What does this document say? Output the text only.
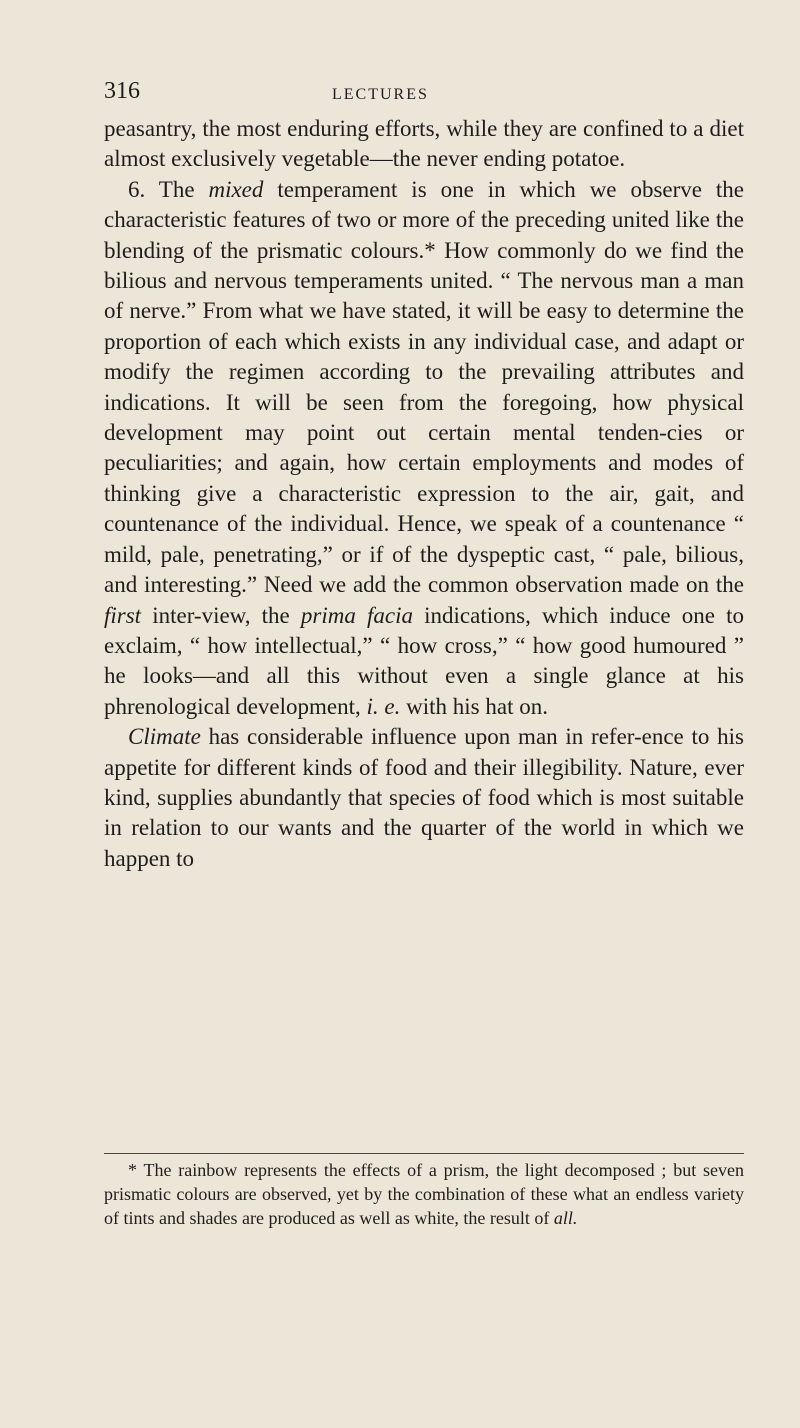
316	LECTURES

peasantry, the most enduring efforts, while they are confined to a diet almost exclusively vegetable—the never ending potatoe.

6. The mixed temperament is one in which we observe the characteristic features of two or more of the preceding united like the blending of the prismatic colours.* How commonly do we find the bilious and nervous temperaments united. “ The nervous man a man of nerve.” From what we have stated, it will be easy to determine the proportion of each which exists in any individual case, and adapt or modify the regimen according to the prevailing attributes and indications. It will be seen from the foregoing, how physical development may point out certain mental tenden-cies or peculiarities; and again, how certain employments and modes of thinking give a characteristic expression to the air, gait, and countenance of the individual. Hence, we speak of a countenance “ mild, pale, penetrating,” or if of the dyspeptic cast, “ pale, bilious, and interesting.” Need we add the common observation made on the first inter-view, the prima facia indications, which induce one to exclaim, “ how intellectual,” “ how cross,” “ how good humoured ” he looks—and all this without even a single glance at his phrenological development, i. e. with his hat on.

Climate has considerable influence upon man in refer-ence to his appetite for different kinds of food and their illegibility. Nature, ever kind, supplies abundantly that species of food which is most suitable in relation to our wants and the quarter of the world in which we happen to

* The rainbow represents the effects of a prism, the light decomposed ; but seven prismatic colours are observed, yet by the combination of these what an endless variety of tints and shades are produced as well as white, the result of all.
